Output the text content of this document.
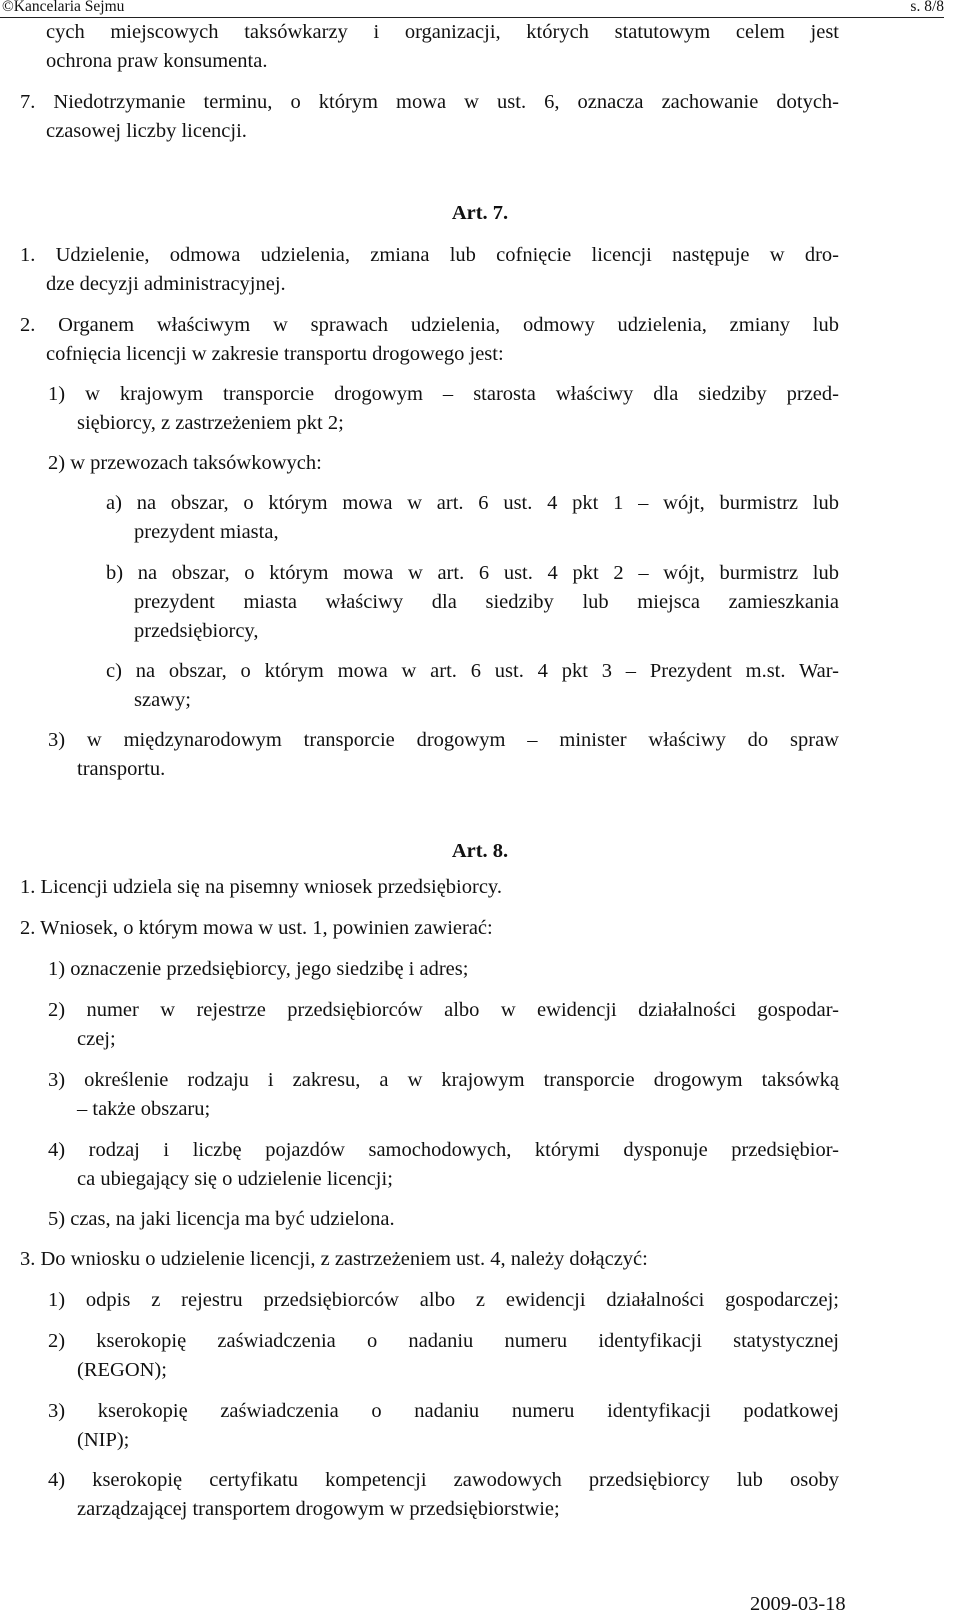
©Kancelaria Sejmu	s. 8/8
cych miejscowych taksówkarzy i organizacji, których statutowym celem jest
ochrona praw konsumenta.
7. Niedotrzymanie terminu, o którym mowa w ust. 6, oznacza zachowanie dotych-
czasowej liczby licencji.
Art. 7.
1. Udzielenie, odmowa udzielenia, zmiana lub cofnięcie licencji następuje w dro-
dze decyzji administracyjnej.
2. Organem właściwym w sprawach udzielenia, odmowy udzielenia, zmiany lub
cofnięcia licencji w zakresie transportu drogowego jest:
1) w krajowym transporcie drogowym – starosta właściwy dla siedziby przed-
siębiorcy, z zastrzeżeniem pkt 2;
2) w przewozach taksówkowych:
a) na obszar, o którym mowa w art. 6 ust. 4 pkt 1 – wójt, burmistrz lub
prezydent miasta,
b) na obszar, o którym mowa w art. 6 ust. 4 pkt 2 – wójt, burmistrz lub
prezydent miasta właściwy dla siedziby lub miejsca zamieszkania
przedsiębiorcy,
c) na obszar, o którym mowa w art. 6 ust. 4 pkt 3 – Prezydent m.st. War-
szawy;
3) w międzynarodowym transporcie drogowym – minister właściwy do spraw
transportu.
Art. 8.
1. Licencji udziela się na pisemny wniosek przedsiębiorcy.
2. Wniosek, o którym mowa w ust. 1, powinien zawierać:
1) oznaczenie przedsiębiorcy, jego siedzibę i adres;
2) numer w rejestrze przedsiębiorców albo w ewidencji działalności gospodar-
czej;
3) określenie rodzaju i zakresu, a w krajowym transporcie drogowym taksówką
– także obszaru;
4) rodzaj i liczbę pojazdów samochodowych, którymi dysponuje przedsiębior-
ca ubiegający się o udzielenie licencji;
5) czas, na jaki licencja ma być udzielona.
3. Do wniosku o udzielenie licencji, z zastrzeżeniem ust. 4, należy dołączyć:
1) odpis z rejestru przedsiębiorców albo z ewidencji działalności gospodarczej;
2) kserokopię zaświadczenia o nadaniu numeru identyfikacji statystycznej
(REGON);
3) kserokopię zaświadczenia o nadaniu numeru identyfikacji podatkowej
(NIP);
4) kserokopię certyfikatu kompetencji zawodowych przedsiębiorcy lub osoby
zarządzającej transportem drogowym w przedsiębiorstwie;
2009-03-18
